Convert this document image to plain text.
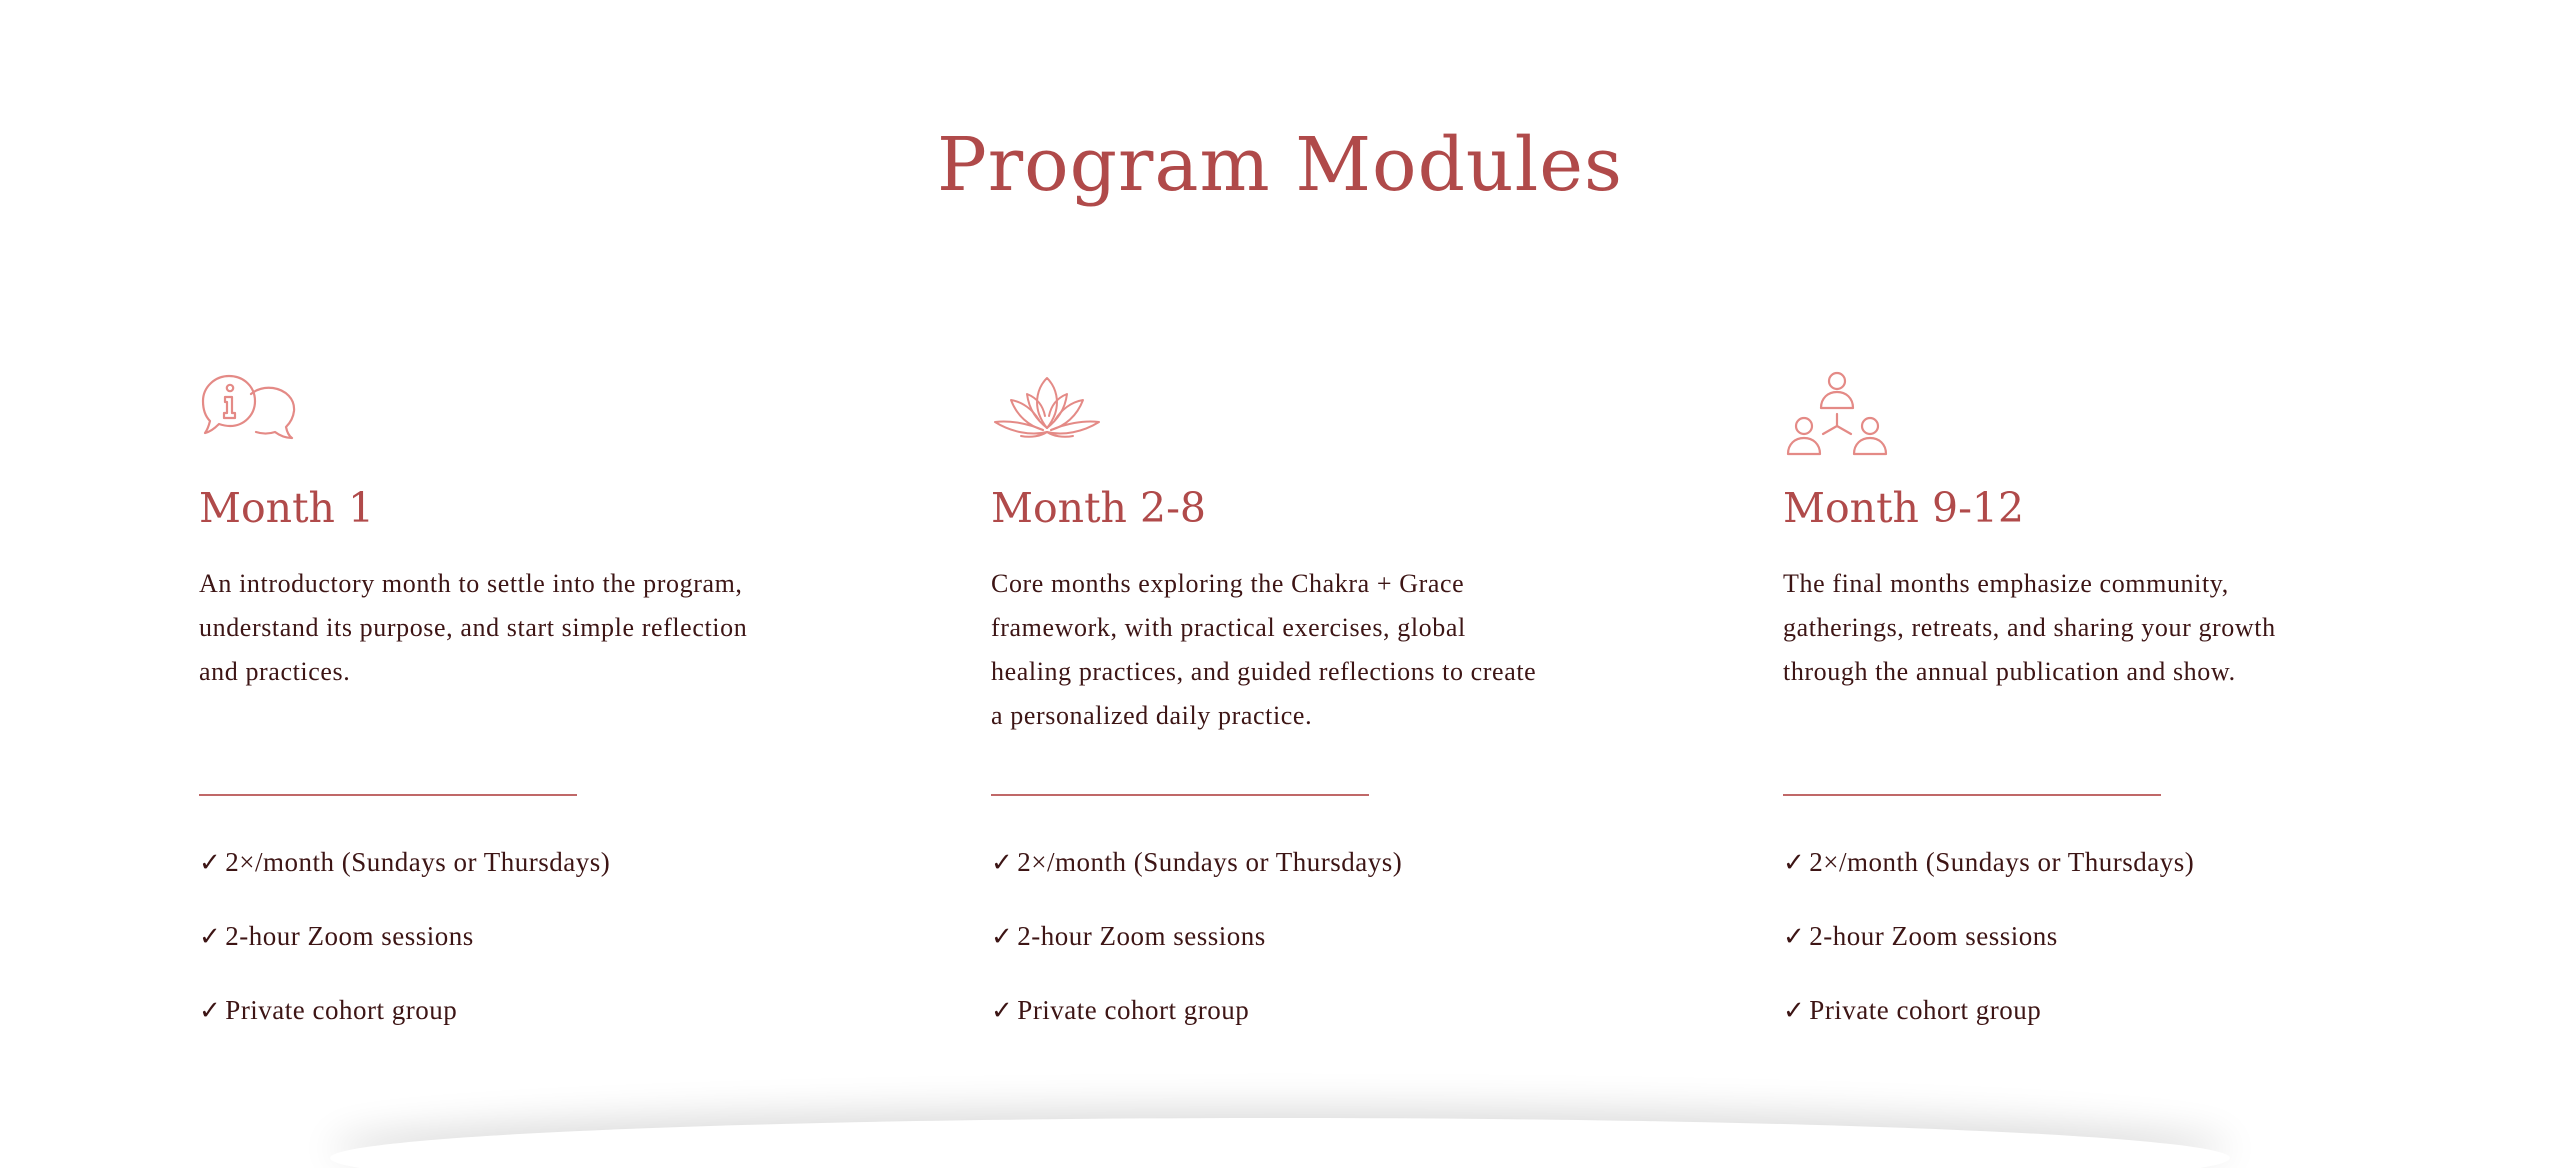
Program Modules
Month 1

An introductory month to settle into the program, understand its purpose, and start simple reflection and practices.

✓ 2×/month (Sundays or Thursdays)
✓ 2-hour Zoom sessions
✓ Private cohort group
Month 2-8

Core months exploring the Chakra + Grace framework, with practical exercises, global healing practices, and guided reflections to create a personalized daily practice.

✓ 2×/month (Sundays or Thursdays)
✓ 2-hour Zoom sessions
✓ Private cohort group
Month 9-12

The final months emphasize community, gatherings, retreats, and sharing your growth through the annual publication and show.

✓ 2×/month (Sundays or Thursdays)
✓ 2-hour Zoom sessions
✓ Private cohort group
